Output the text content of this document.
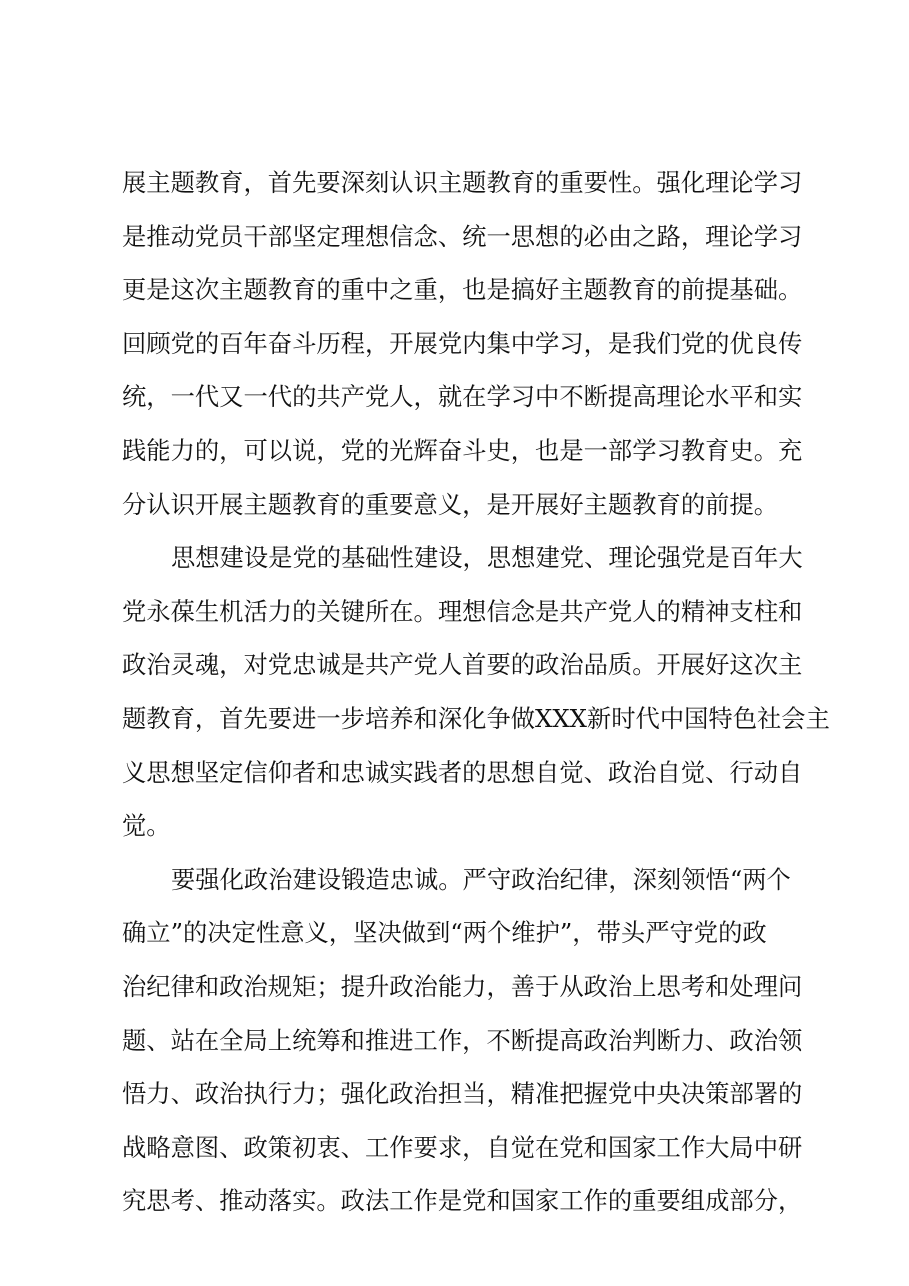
展主题教育，首先要深刻认识主题教育的重要性。强化理论学习
是推动党员干部坚定理想信念、统一思想的必由之路，理论学习
更是这次主题教育的重中之重，也是搞好主题教育的前提基础。
回顾党的百年奋斗历程，开展党内集中学习，是我们党的优良传
统，一代又一代的共产党人，就在学习中不断提高理论水平和实
践能力的，可以说，党的光辉奋斗史，也是一部学习教育史。充
分认识开展主题教育的重要意义，是开展好主题教育的前提。
思想建设是党的基础性建设，思想建党、理论强党是百年大
党永葆生机活力的关键所在。理想信念是共产党人的精神支柱和
政治灵魂，对党忠诚是共产党人首要的政治品质。开展好这次主
题教育，首先要进一步培养和深化争做XXX新时代中国特色社会主
义思想坚定信仰者和忠诚实践者的思想自觉、政治自觉、行动自
觉。
要强化政治建设锻造忠诚。严守政治纪律，深刻领悟“两个
确立”的决定性意义，坚决做到“两个维护”，带头严守党的政
治纪律和政治规矩；提升政治能力，善于从政治上思考和处理问
题、站在全局上统筹和推进工作，不断提高政治判断力、政治领
悟力、政治执行力；强化政治担当，精准把握党中央决策部署的
战略意图、政策初衷、工作要求，自觉在党和国家工作大局中研
究思考、推动落实。政法工作是党和国家工作的重要组成部分，
